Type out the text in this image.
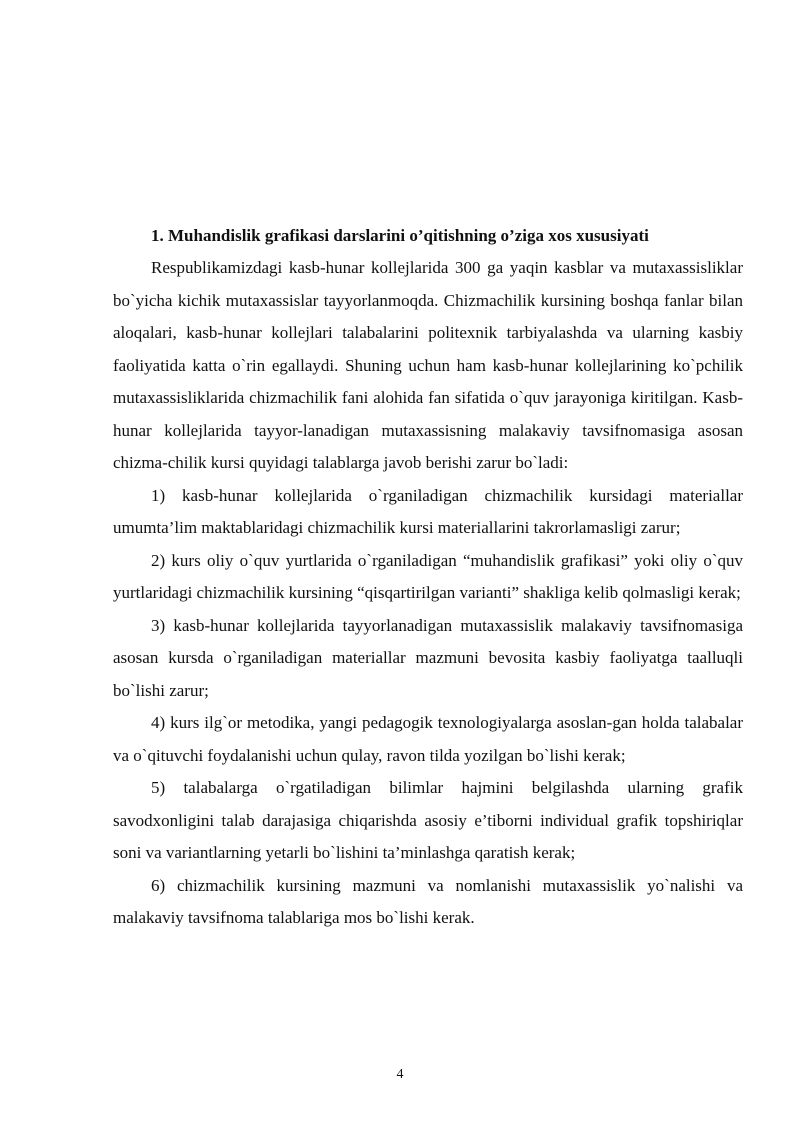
1. Muhandislik grafikasi darslarini o’qitishning o’ziga xos xususiyati

Respublikamizdagi kasb-hunar kollejlarida 300 ga yaqin kasblar va mutaxassisliklar bo`yicha kichik mutaxassislar tayyorlanmoqda. Chizmachilik kursining boshqa fanlar bilan aloqalari, kasb-hunar kollejlari talabalarini politexnik tarbiyalashda va ularning kasbiy faoliyatida katta o`rin egallaydi. Shuning uchun ham kasb-hunar kollejlarining ko`pchilik mutaxassisliklarida chizmachilik fani alohida fan sifatida o`quv jarayoniga kiritilgan. Kasb-hunar kollejlarida tayyor-lanadigan mutaxassisning malakaviy tavsifnomasiga asosan chizma-chilik kursi quyidagi talablarga javob berishi zarur bo`ladi:

1) kasb-hunar kollejlarida o`rganiladigan chizmachilik kursidagi materiallar umumta’lim maktablaridagi chizmachilik kursi materiallarini takrorlamasligi zarur;

2) kurs oliy o`quv yurtlarida o`rganiladigan “muhandislik grafikasi” yoki oliy o`quv yurtlaridagi chizmachilik kursining “qisqartirilgan varianti” shakliga kelib qolmasligi kerak;

3) kasb-hunar kollejlarida tayyorlanadigan mutaxassislik malakaviy tavsifnomasiga asosan kursda o`rganiladigan materiallar mazmuni bevosita kasbiy faoliyatga taalluqli bo`lishi zarur;

4) kurs ilg`or metodika, yangi pedagogik texnologiyalarga asoslan-gan holda talabalar va o`qituvchi foydalanishi uchun qulay, ravon tilda yozilgan bo`lishi kerak;

5) talabalarga o`rgatiladigan bilimlar hajmini belgilashda ularning grafik savodxonligini talab darajasiga chiqarishda asosiy e’tiborni individual grafik topshiriqlar soni va variantlarning yetarli bo`lishini ta’minlashga qaratish kerak;

6) chizmachilik kursining mazmuni va nomlanishi mutaxassislik yo`nalishi va malakaviy tavsifnoma talablariga mos bo`lishi kerak.

4
